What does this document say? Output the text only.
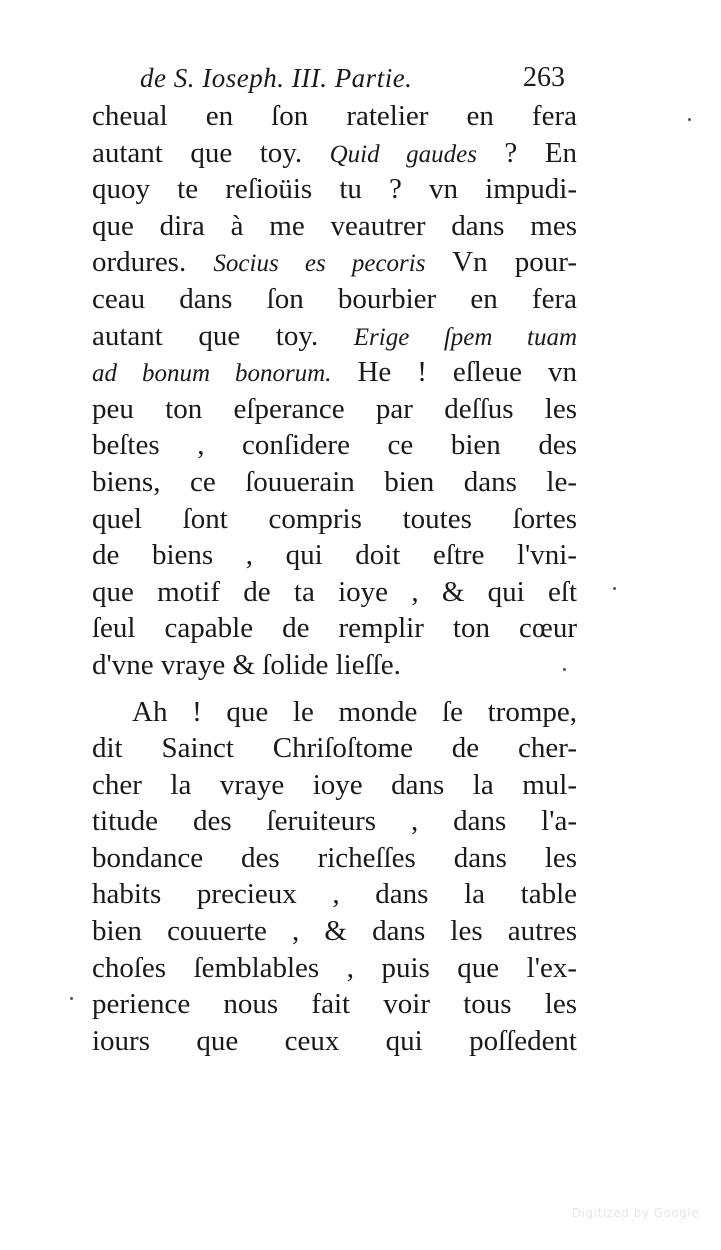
de S. Ioseph. III. Partie.	263
cheual en ſon ratelier en fera
autant que toy. Quid gaudes ? En
quoy te reſioüis tu ? vn impudi-
que dira à me veautrer dans mes
ordures. Socius es pecoris Vn pour-
ceau dans ſon bourbier en fera
autant que toy. Erige ſpem tuam
ad bonum bonorum. He ! eſleue vn
peu ton eſperance par deſſus les
beſtes , conſidere ce bien des
biens, ce ſouuerain bien dans le-
quel ſont compris toutes ſortes
de biens , qui doit eſtre l'vni-
que motif de ta ioye , & qui eſt
ſeul capable de remplir ton cœur
d'vne vraye & ſolide lieſſe.
Ah ! que le monde ſe trompe,
dit Sainct Chriſoſtome de cher-
cher la vraye ioye dans la mul-
titude des ſeruiteurs , dans l'a-
bondance des richeſſes dans les
habits precieux , dans la table
bien couuerte , & dans les autres
choſes ſemblables , puis que l'ex-
perience nous fait voir tous les
iours que ceux qui poſſedent
Digitized by Google
